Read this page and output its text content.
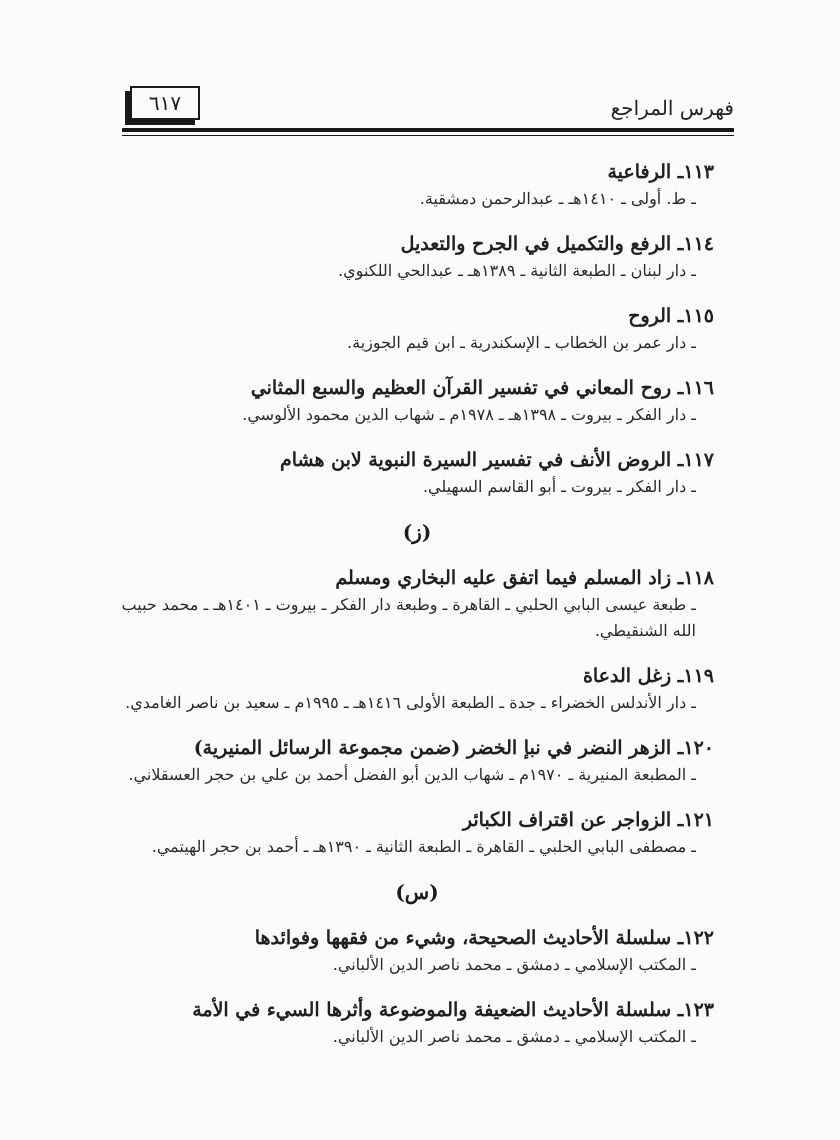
فهرس المراجع
٦١٧
١١٣ـ الرفاعية
ـ ط. أولى ـ ١٤١٠هـ ـ عبدالرحمن دمشقية.
١١٤ـ الرفع والتكميل في الجرح والتعديل
ـ دار لبنان ـ الطبعة الثانية ـ ١٣٨٩هـ ـ عبدالحي اللكنوي.
١١٥ـ الروح
ـ دار عمر بن الخطاب ـ الإسكندرية ـ ابن قيم الجوزية.
١١٦ـ روح المعاني في تفسير القرآن العظيم والسبع المثاني
ـ دار الفكر ـ بيروت ـ ١٣٩٨هـ ـ ١٩٧٨م ـ شهاب الدين محمود الألوسي.
١١٧ـ الروض الأنف في تفسير السيرة النبوية لابن هشام
ـ دار الفكر ـ بيروت ـ أبو القاسم السهيلي.
(ز)
١١٨ـ زاد المسلم فيما اتفق عليه البخاري ومسلم
ـ طبعة عيسى البابي الحلبي ـ القاهرة ـ وطبعة دار الفكر ـ بيروت ـ ١٤٠١هـ ـ محمد حبيب الله الشنقيطي.
١١٩ـ زغل الدعاة
ـ دار الأندلس الخضراء ـ جدة ـ الطبعة الأولى ١٤١٦هـ ـ ١٩٩٥م ـ سعيد بن ناصر الغامدي.
١٢٠ـ الزهر النضر في نبإ الخضر (ضمن مجموعة الرسائل المنيرية)
ـ المطبعة المنيرية ـ ١٩٧٠م ـ شهاب الدين أبو الفضل أحمد بن علي بن حجر العسقلاني.
١٢١ـ الزواجر عن اقتراف الكبائر
ـ مصطفى البابي الحلبي ـ القاهرة ـ الطبعة الثانية ـ ١٣٩٠هـ ـ أحمد بن حجر الهيتمي.
(س)
١٢٢ـ سلسلة الأحاديث الصحيحة، وشيء من فقهها وفوائدها
ـ المكتب الإسلامي ـ دمشق ـ محمد ناصر الدين الألباني.
١٢٣ـ سلسلة الأحاديث الضعيفة والموضوعة وأثرها السيء في الأمة
ـ المكتب الإسلامي ـ دمشق ـ محمد ناصر الدين الألباني.
